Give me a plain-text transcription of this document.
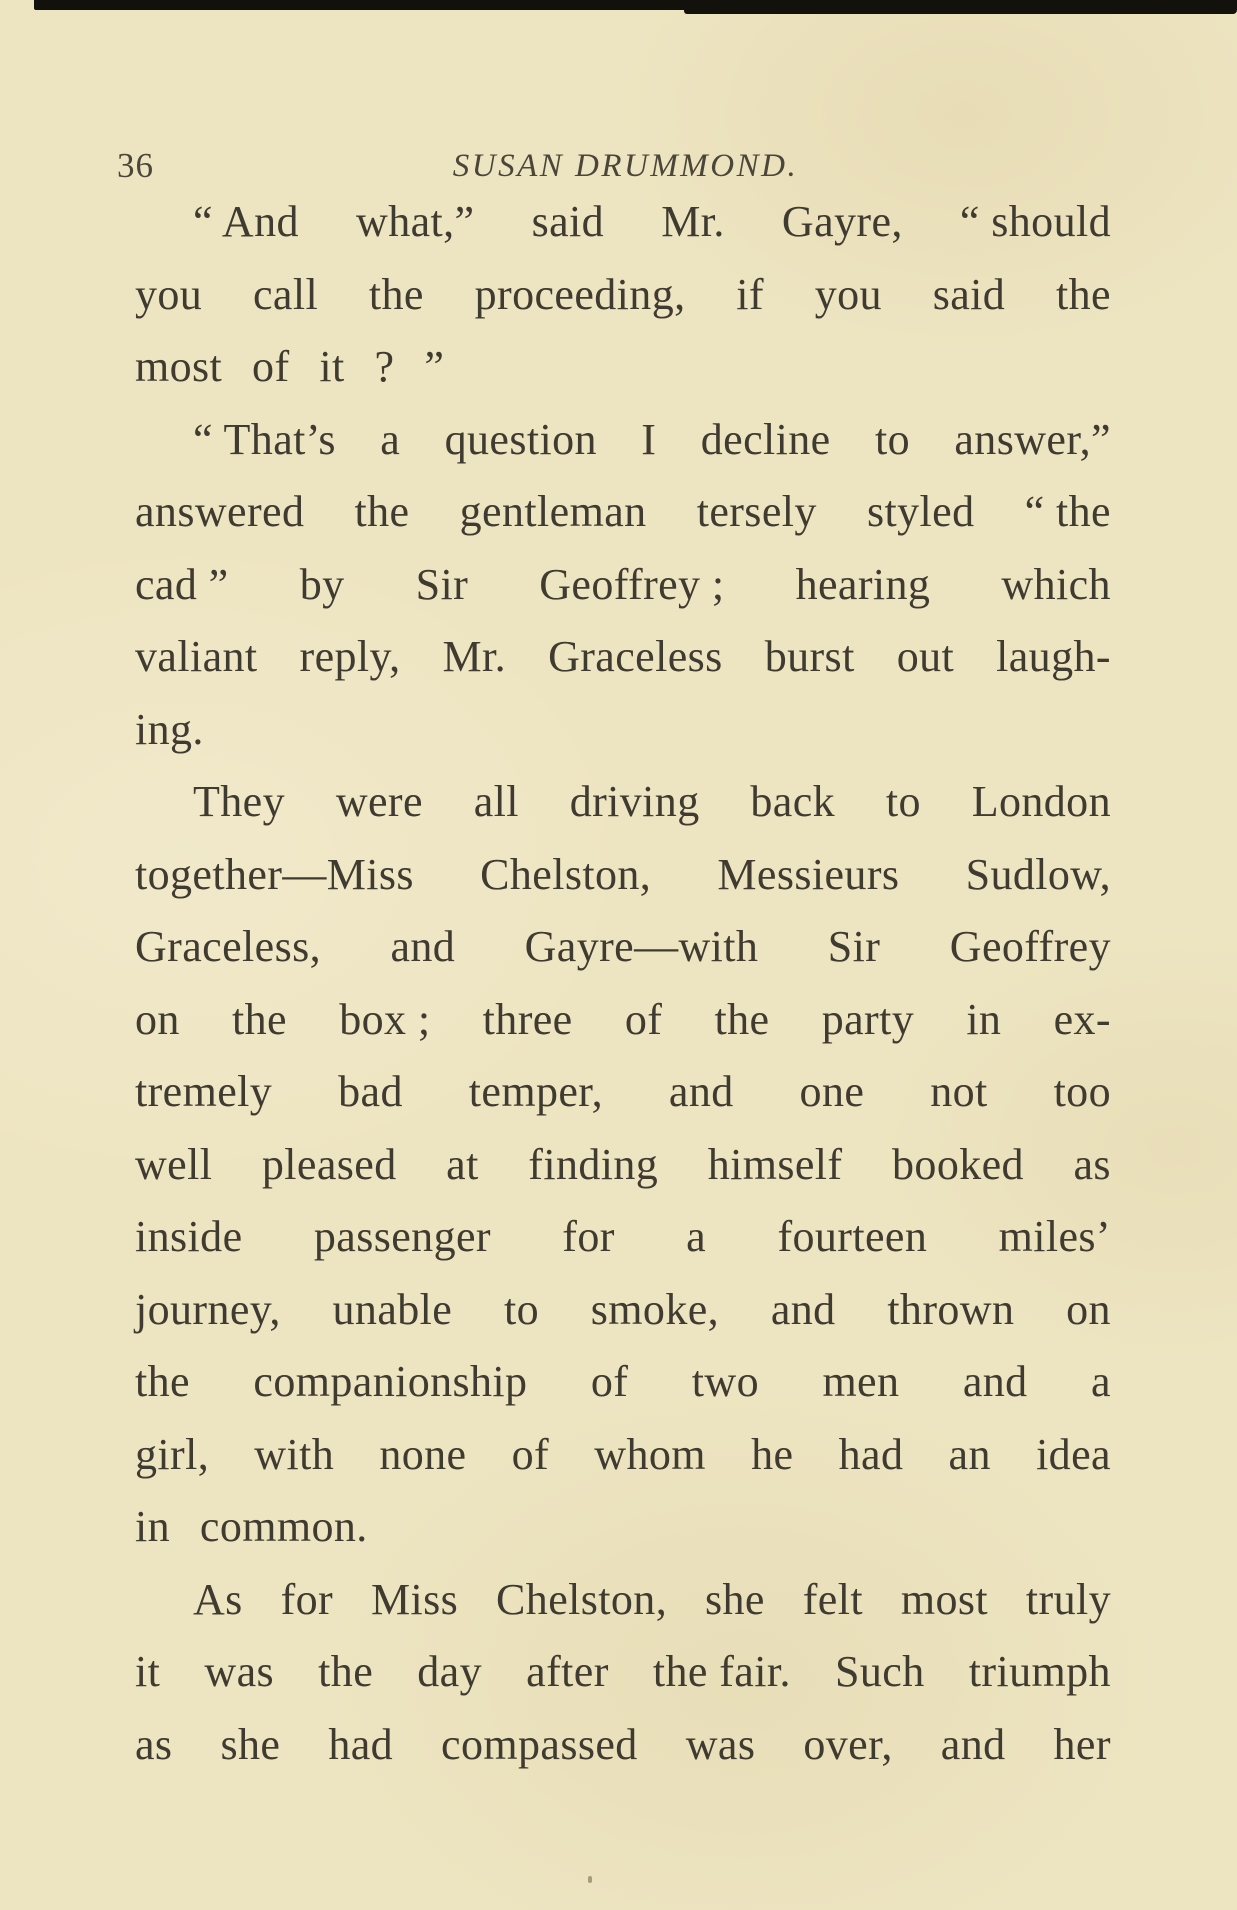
36	SUSAN DRUMMOND.
“ And what,” said Mr. Gayre, “ should
you call the proceeding, if you said the
most of it ? ”
“ That’s a question I decline to answer,”
answered the gentleman tersely styled “ the
cad ” by Sir Geoffrey ; hearing which
valiant reply, Mr. Graceless burst out laugh-
ing.
They were all driving back to London
together—Miss Chelston, Messieurs Sudlow,
Graceless, and Gayre—with Sir Geoffrey
on the box ; three of the party in ex-
tremely bad temper, and one not too
well pleased at finding himself booked as
inside passenger for a fourteen miles’
journey, unable to smoke, and thrown on
the companionship of two men and a
girl, with none of whom he had an idea
in common.
As for Miss Chelston, she felt most truly
it was the day after the fair. Such triumph
as she had compassed was over, and her
